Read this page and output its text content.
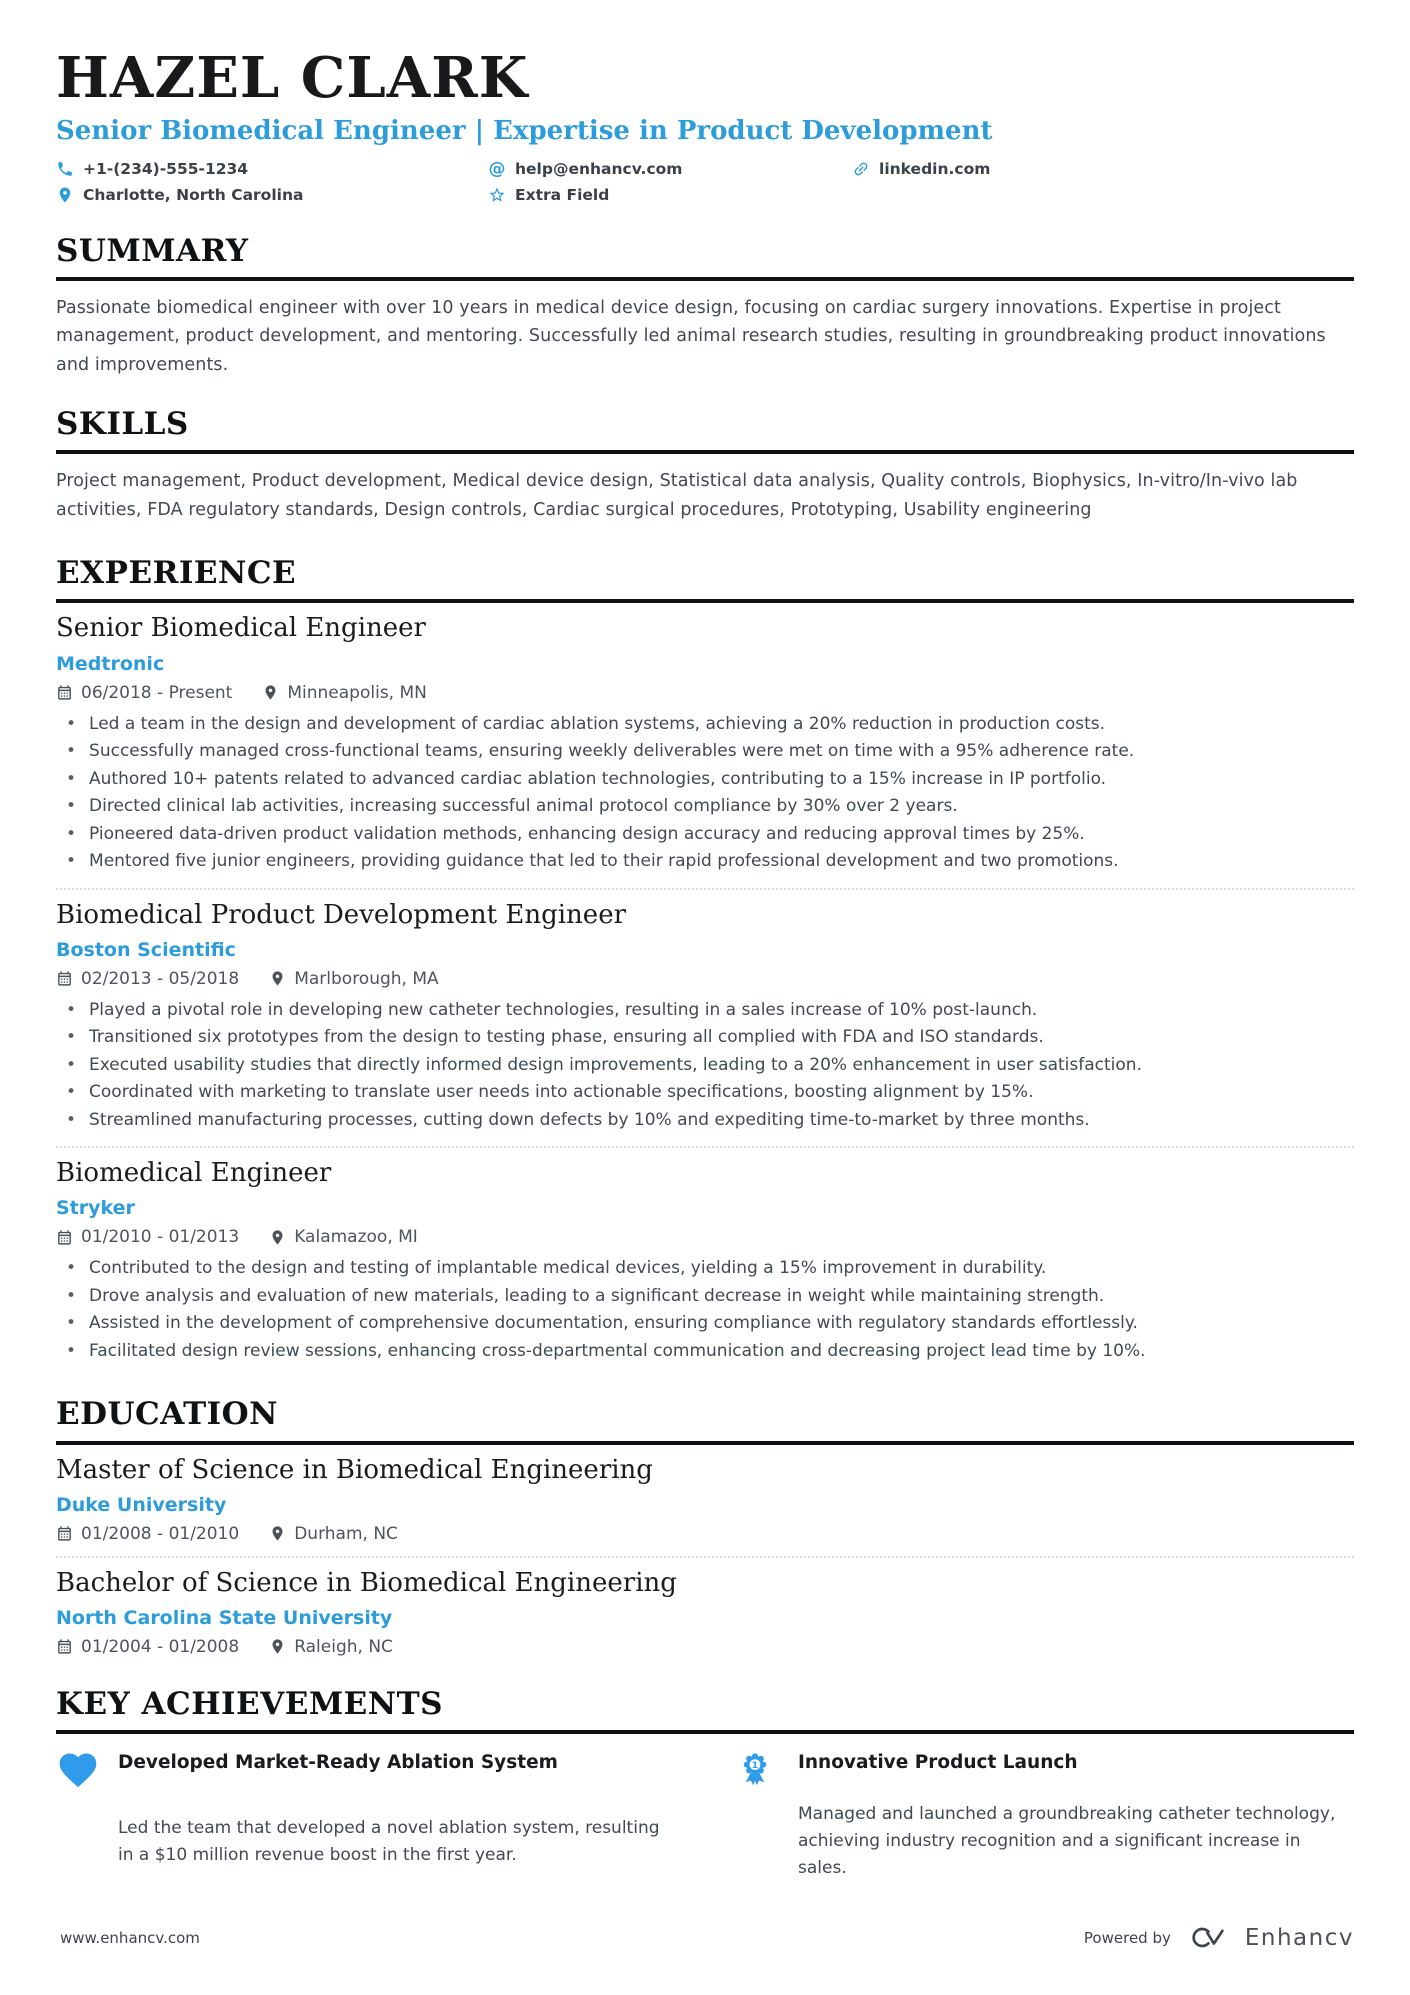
HAZEL CLARK
Senior Biomedical Engineer | Expertise in Product Development
+1-(234)-555-1234	@ help@enhancv.com	linkedin.com
Charlotte, North Carolina	Extra Field
SUMMARY

Passionate biomedical engineer with over 10 years in medical device design, focusing on cardiac surgery innovations. Expertise in project management, product development, and mentoring. Successfully led animal research studies, resulting in groundbreaking product innovations and improvements.

SKILLS

Project management, Product development, Medical device design, Statistical data analysis, Quality controls, Biophysics, In-vitro/In-vivo lab activities, FDA regulatory standards, Design controls, Cardiac surgical procedures, Prototyping, Usability engineering

EXPERIENCE
Senior Biomedical Engineer
Medtronic
06/2018 - Present	Minneapolis, MN
• Led a team in the design and development of cardiac ablation systems, achieving a 20% reduction in production costs.
• Successfully managed cross-functional teams, ensuring weekly deliverables were met on time with a 95% adherence rate.
• Authored 10+ patents related to advanced cardiac ablation technologies, contributing to a 15% increase in IP portfolio.
• Directed clinical lab activities, increasing successful animal protocol compliance by 30% over 2 years.
• Pioneered data-driven product validation methods, enhancing design accuracy and reducing approval times by 25%.
• Mentored five junior engineers, providing guidance that led to their rapid professional development and two promotions.
Biomedical Product Development Engineer
Boston Scientific
02/2013 - 05/2018	Marlborough, MA
• Played a pivotal role in developing new catheter technologies, resulting in a sales increase of 10% post-launch.
• Transitioned six prototypes from the design to testing phase, ensuring all complied with FDA and ISO standards.
• Executed usability studies that directly informed design improvements, leading to a 20% enhancement in user satisfaction.
• Coordinated with marketing to translate user needs into actionable specifications, boosting alignment by 15%.
• Streamlined manufacturing processes, cutting down defects by 10% and expediting time-to-market by three months.
Biomedical Engineer
Stryker
01/2010 - 01/2013	Kalamazoo, MI
• Contributed to the design and testing of implantable medical devices, yielding a 15% improvement in durability.
• Drove analysis and evaluation of new materials, leading to a significant decrease in weight while maintaining strength.
• Assisted in the development of comprehensive documentation, ensuring compliance with regulatory standards effortlessly.
• Facilitated design review sessions, enhancing cross-departmental communication and decreasing project lead time by 10%.
EDUCATION
Master of Science in Biomedical Engineering
Duke University
01/2008 - 01/2010	Durham, NC
Bachelor of Science in Biomedical Engineering
North Carolina State University
01/2004 - 01/2008	Raleigh, NC
KEY ACHIEVEMENTS
Developed Market-Ready Ablation System
Led the team that developed a novel ablation system, resulting in a $10 million revenue boost in the first year.
1 Innovative Product Launch
Managed and launched a groundbreaking catheter technology, achieving industry recognition and a significant increase in sales.
www.enhancv.com	Powered by	Enhancv
